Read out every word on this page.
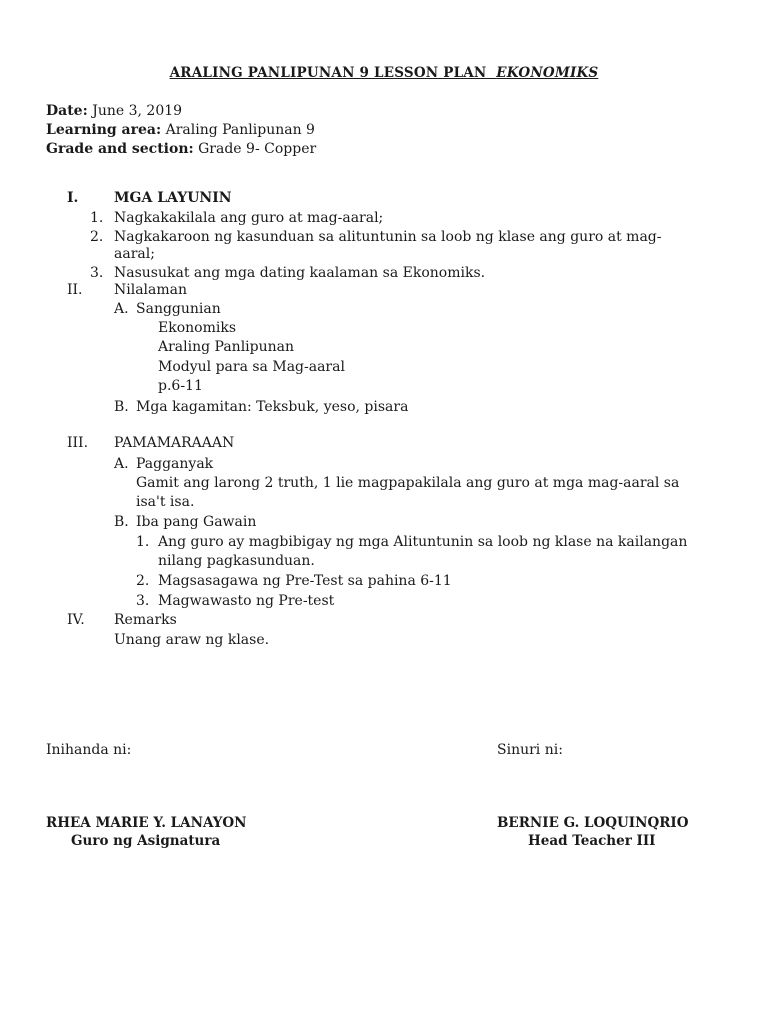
ARALING PANLIPUNAN 9 LESSON PLAN EKONOMIKS
Date: June 3, 2019
Learning area: Araling Panlipunan 9
Grade and section: Grade 9- Copper
I.	MGA LAYUNIN
1. Nagkakakilala ang guro at mag-aaral;
2. Nagkakaroon ng kasunduan sa alituntunin sa loob ng klase ang guro at mag-
aaral;
3. Nasusukat ang mga dating kaalaman sa Ekonomiks.
II. Nilalaman
A. Sanggunian
Ekonomiks
Araling Panlipunan
Modyul para sa Mag-aaral
p.6-11
B. Mga kagamitan: Teksbuk, yeso, pisara
III. PAMAMARAAAN
A. Pagganyak
Gamit ang larong 2 truth, 1 lie magpapakilala ang guro at mga mag-aaral sa
isa't isa.
B. Iba pang Gawain
1. Ang guro ay magbibigay ng mga Alituntunin sa loob ng klase na kailangan
nilang pagkasunduan.
2. Magsasagawa ng Pre-Test sa pahina 6-11
3. Magwawasto ng Pre-test
IV. Remarks
Unang araw ng klase.
Inihanda ni:	Sinuri ni:
RHEA MARIE Y. LANAYON
Guro ng Asignatura
BERNIE G. LOQUINQRIO
Head Teacher III
